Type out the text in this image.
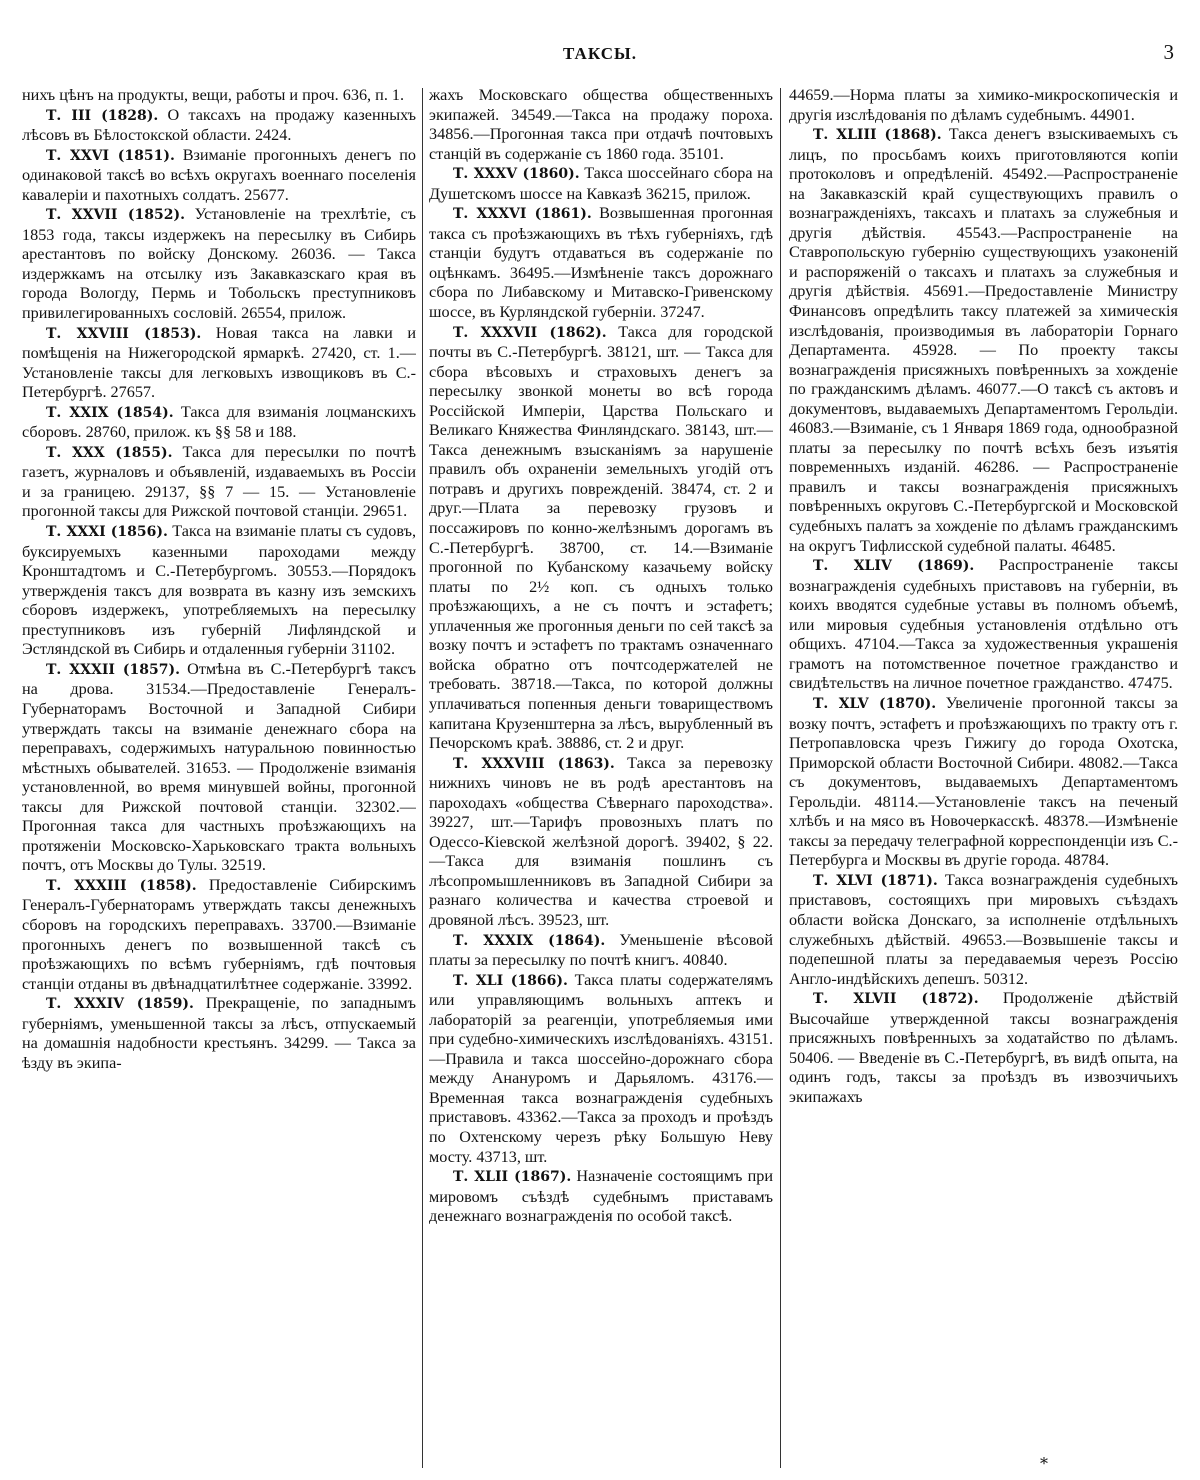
ТАКСЫ.	3

нихъ цѣнъ на продукты, вещи, работы и проч. 636, п. 1.

Т. III (1828). О таксахъ на продажу казенныхъ лѣсовъ въ Бѣлостокской области. 2424.

Т. XXVI (1851). Взиманіе прогонныхъ денегъ по одинаковой таксѣ во всѣхъ округахъ военнаго поселенія кавалеріи и пахотныхъ солдатъ. 25677.

Т. XXVII (1852). Установленіе на трехлѣтіе, съ 1853 года, таксы издержекъ на пересылку въ Сибирь арестантовъ по войску Донскому. 26036. — Такса издержкамъ на отсылку изъ Закавказскаго края въ города Вологду, Пермь и Тобольскъ преступниковъ привилегированныхъ сословій. 26554, прилож.

Т. XXVIII (1853). Новая такса на лавки и помѣщенія на Нижегородской ярмаркѣ. 27420, ст. 1.—Установленіе таксы для легковыхъ извощиковъ въ С.-Петербургѣ. 27657.

Т. XXIX (1854). Такса для взиманія лоцманскихъ сборовъ. 28760, прилож. къ §§ 58 и 188.

Т. XXX (1855). Такса для пересылки по почтѣ газетъ, журналовъ и объявленій, издаваемыхъ въ Россіи и за границею. 29137, §§ 7 — 15. — Установленіе прогонной таксы для Рижской почтовой станціи. 29651.

Т. XXXI (1856). Такса на взиманіе платы съ судовъ, буксируемыхъ казенными пароходами между Кронштадтомъ и С.-Петербургомъ. 30553.—Порядокъ утвержденія таксъ для возврата въ казну изъ земскихъ сборовъ издержекъ, употребляемыхъ на пересылку преступниковъ изъ губерній Лифляндской и Эстляндской въ Сибирь и отдаленныя губерніи 31102.

Т. XXXII (1857). Отмѣна въ С.-Петербургѣ таксъ на дрова. 31534.—Предоставленіе Генералъ-Губернаторамъ Восточной и Западной Сибири утверждать таксы на взиманіе денежнаго сбора на переправахъ, содержимыхъ натуральною повинностью мѣстныхъ обывателей. 31653. — Продолженіе взиманія установленной, во время минувшей войны, прогонной таксы для Рижской почтовой станціи. 32302.—Прогонная такса для частныхъ проѣзжающихъ на протяженіи Московско-Харьковскаго тракта вольныхъ почтъ, отъ Москвы до Тулы. 32519.

Т. XXXIII (1858). Предоставленіе Сибирскимъ Генералъ-Губернаторамъ утверждать таксы денежныхъ сборовъ на городскихъ переправахъ. 33700.—Взиманіе прогонныхъ денегъ по возвышенной таксѣ съ проѣзжающихъ по всѣмъ губерніямъ, гдѣ почтовыя станціи отданы въ двѣнадцатилѣтнее содержаніе. 33992.

Т. XXXIV (1859). Прекращеніе, по западнымъ губерніямъ, уменьшенной таксы за лѣсъ, отпускаемый на домашнія надобности крестьянъ. 34299. — Такса за ѣзду въ экипа-

жахъ Московскаго общества общественныхъ экипажей. 34549.—Такса на продажу пороха. 34856.—Прогонная такса при отдачѣ почтовыхъ станцій въ содержаніе съ 1860 года. 35101.

Т. XXXV (1860). Такса шоссейнаго сбора на Душетскомъ шоссе на Кавказѣ 36215, прилож.

Т. XXXVI (1861). Возвышенная прогонная такса съ проѣзжающихъ въ тѣхъ губерніяхъ, гдѣ станціи будутъ отдаваться въ содержаніе по оцѣнкамъ. 36495.—Измѣненіе таксъ дорожнаго сбора по Либавскому и Митавско-Гривенскому шоссе, въ Курляндской губерніи. 37247.

Т. XXXVII (1862). Такса для городской почты въ С.-Петербургѣ. 38121, шт. — Такса для сбора вѣсовыхъ и страховыхъ денегъ за пересылку звонкой монеты во всѣ города Россійской Имперіи, Царства Польскаго и Великаго Княжества Финляндскаго. 38143, шт.—Такса денежнымъ взысканіямъ за нарушеніе правилъ объ охраненіи земельныхъ угодій отъ потравъ и другихъ поврежденій. 38474, ст. 2 и друг.—Плата за перевозку грузовъ и поссажировъ по конно-желѣзнымъ дорогамъ въ С.-Петербургѣ. 38700, ст. 14.—Взиманіе прогонной по Кубанскому казачьему войску платы по 2½ коп. съ одныхъ только проѣзжающихъ, а не съ почтъ и эстафетъ; уплаченныя же прогонныя деньги по сей таксѣ за возку почтъ и эстафетъ по трактамъ означеннаго войска обратно отъ почтсодержателей не требовать. 38718.—Такса, по которой должны уплачиваться попенныя деньги товариществомъ капитана Крузенштерна за лѣсъ, вырубленный въ Печорскомъ краѣ. 38886, ст. 2 и друг.

Т. XXXVIII (1863). Такса за перевозку нижнихъ чиновъ не въ родѣ арестантовъ на пароходахъ «общества Сѣвернаго пароходства». 39227, шт.—Тарифъ провозныхъ платъ по Одессо-Кіевской желѣзной дорогѣ. 39402, § 22.—Такса для взиманія пошлинъ съ лѣсопромышленниковъ въ Западной Сибири за разнаго количества и качества строевой и дровяной лѣсъ. 39523, шт.

Т. XXXIX (1864). Уменьшеніе вѣсовой платы за пересылку по почтѣ книгъ. 40840.

Т. XLI (1866). Такса платы содержателямъ или управляющимъ вольныхъ аптекъ и лабораторій за реагенціи, употребляемыя ими при судебно-химическихъ изслѣдованіяхъ. 43151.—Правила и такса шоссейно-дорожнаго сбора между Анануромъ и Дарьяломъ. 43176.—Временная такса вознагражденія судебныхъ приставовъ. 43362.—Такса за проходъ и проѣздъ по Охтенскому черезъ рѣку Большую Неву мосту. 43713, шт.

Т. XLII (1867). Назначеніе состоящимъ при мировомъ съѣздѣ судебнымъ приставамъ денежнаго вознагражденія по особой таксѣ.

44659.—Норма платы за химико-микроскопическія и другія изслѣдованія по дѣламъ судебнымъ. 44901.

Т. XLIII (1868). Такса денегъ взыскиваемыхъ съ лицъ, по просьбамъ коихъ приготовляются копіи протоколовъ и опредѣленій. 45492.—Распространеніе на Закавказскій край существующихъ правилъ о вознагражденіяхъ, таксахъ и платахъ за служебныя и другія дѣйствія. 45543.—Распространеніе на Ставропольскую губернію существующихъ узаконеній и распоряженій о таксахъ и платахъ за служебныя и другія дѣйствія. 45691.—Предоставленіе Министру Финансовъ опредѣлить таксу платежей за химическія изслѣдованія, производимыя въ лабораторіи Горнаго Департамента. 45928. — По проекту таксы вознагражденія присяжныхъ повѣренныхъ за хожденіе по гражданскимъ дѣламъ. 46077.—О таксѣ съ актовъ и документовъ, выдаваемыхъ Департаментомъ Герольдіи. 46083.—Взиманіе, съ 1 Января 1869 года, однообразной платы за пересылку по почтѣ всѣхъ безъ изъятія повременныхъ изданій. 46286. — Распространеніе правилъ и таксы вознагражденія присяжныхъ повѣренныхъ округовъ С.-Петербургской и Московской судебныхъ палатъ за хожденіе по дѣламъ гражданскимъ на округъ Тифлисской судебной палаты. 46485.

Т. XLIV (1869). Распространеніе таксы вознагражденія судебныхъ приставовъ на губерніи, въ коихъ вводятся судебные уставы въ полномъ объемѣ, или мировыя судебныя установленія отдѣльно отъ общихъ. 47104.—Такса за художественныя украшенія грамотъ на потомственное почетное гражданство и свидѣтельствъ на личное почетное гражданство. 47475.

Т. XLV (1870). Увеличеніе прогонной таксы за возку почтъ, эстафетъ и проѣзжающихъ по тракту отъ г. Петропавловска чрезъ Гижигу до города Охотска, Приморской области Восточной Сибири. 48082.—Такса съ документовъ, выдаваемыхъ Департаментомъ Герольдіи. 48114.—Установленіе таксъ на печеный хлѣбъ и на мясо въ Новочеркасскѣ. 48378.—Измѣненіе таксы за передачу телеграфной корреспонденціи изъ С.-Петербурга и Москвы въ другіе города. 48784.

Т. XLVI (1871). Такса вознагражденія судебныхъ приставовъ, состоящихъ при мировыхъ съѣздахъ области войска Донскаго, за исполненіе отдѣльныхъ служебныхъ дѣйствій. 49653.—Возвышеніе таксы и подепешной платы за передаваемыя черезъ Россію Англо-индѣйскихъ депешъ. 50312.

Т. XLVII (1872). Продолженіе дѣйствій Высочайше утвержденной таксы вознагражденія присяжныхъ повѣренныхъ за ходатайство по дѣламъ. 50406. — Введеніе въ С.-Петербургѣ, въ видѣ опыта, на одинъ годъ, таксы за проѣздъ въ извозчичьихъ экипажахъ

*
